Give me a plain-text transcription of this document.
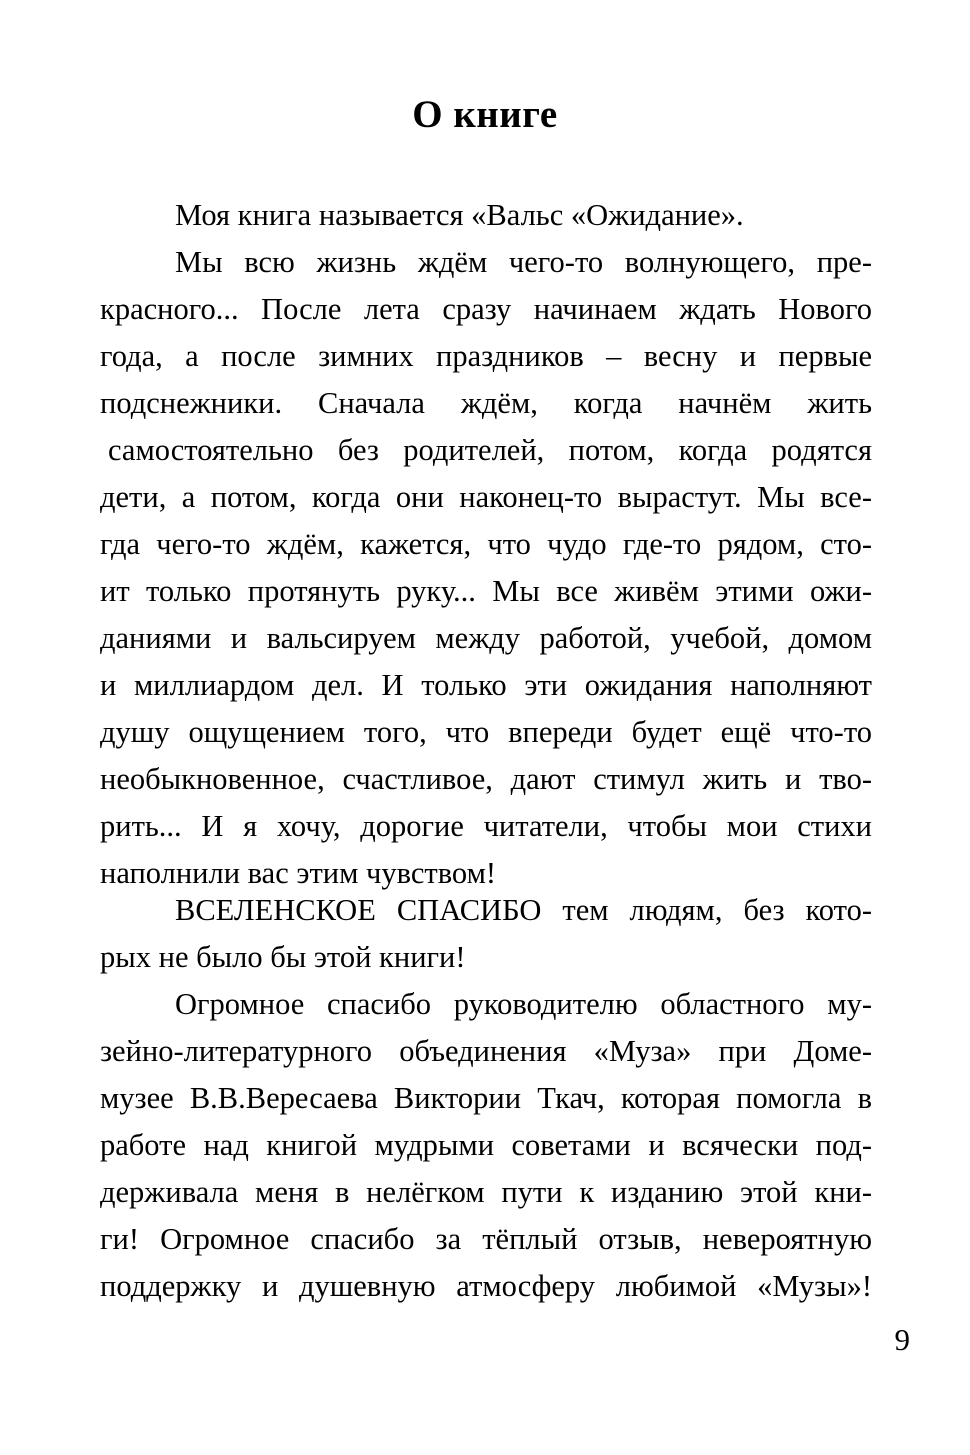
О книге
Моя книга называется «Вальс «Ожидание».
Мы всю жизнь ждём чего-то волнующего, пре-
красного... После лета сразу начинаем ждать Нового
года, а после зимних праздников – весну и первые
подснежники. Сначала ждём, когда начнём жить
самостоятельно без родителей, потом, когда родятся
дети, а потом, когда они наконец-то вырастут. Мы все-
гда чего-то ждём, кажется, что чудо где-то рядом, сто-
ит только протянуть руку... Мы все живём этими ожи-
даниями и вальсируем между работой, учебой, домом
и миллиардом дел. И только эти ожидания наполняют
душу ощущением того, что впереди будет ещё что-то
необыкновенное, счастливое, дают стимул жить и тво-
рить... И я хочу, дорогие читатели, чтобы мои стихи
наполнили вас этим чувством!
ВСЕЛЕНСКОЕ СПАСИБО тем людям, без кото-
рых не было бы этой книги!
Огромное спасибо руководителю областного му-
зейно-литературного объединения «Муза» при Доме-
музее В.В.Вересаева Виктории Ткач, которая помогла в
работе над книгой мудрыми советами и всячески под-
держивала меня в нелёгком пути к изданию этой кни-
ги! Огромное спасибо за тёплый отзыв, невероятную
поддержку и душевную атмосферу любимой «Музы»!
9
